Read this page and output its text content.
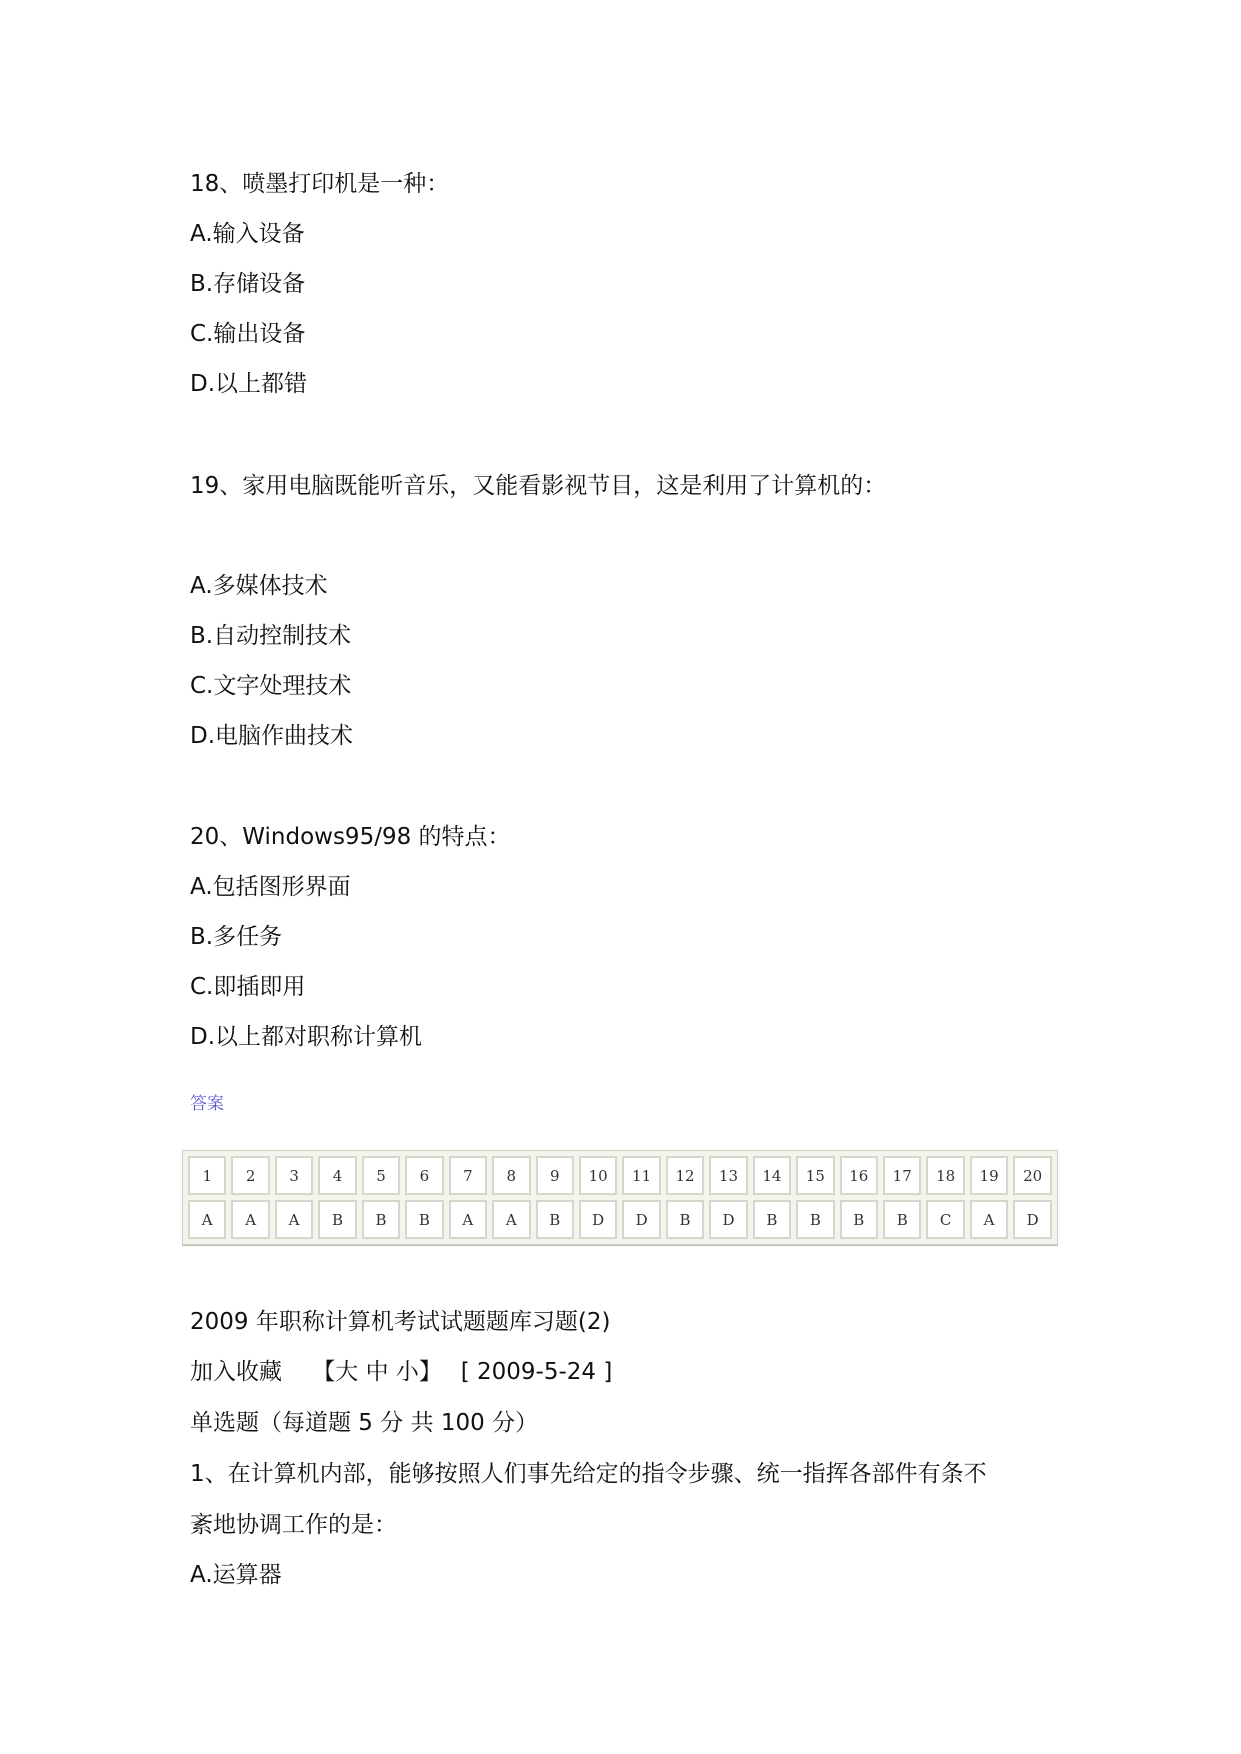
18、喷墨打印机是一种：
A.输入设备
B.存储设备
C.输出设备
D.以上都错
19、家用电脑既能听音乐，又能看影视节目，这是利用了计算机的：
A.多媒体技术
B.自动控制技术
C.文字处理技术
D.电脑作曲技术
20、Windows95/98 的特点：
A.包括图形界面
B.多任务
C.即插即用
D.以上都对职称计算机
答案
1	2	3	4	5	6	7	8	9	10	11	12	13	14	15	16	17	18	19	20
A	A	A	B	B	B	A	A	B	D	D	B	D	B	B	B	B	C	A	D
2009 年职称计算机考试试题题库习题(2)
加入收藏　 【大 中 小】　 [ 2009-5-24 ]
单选题（每道题 5 分 共 100 分）
1、在计算机内部，能够按照人们事先给定的指令步骤、统一指挥各部件有条不
紊地协调工作的是：
A.运算器
